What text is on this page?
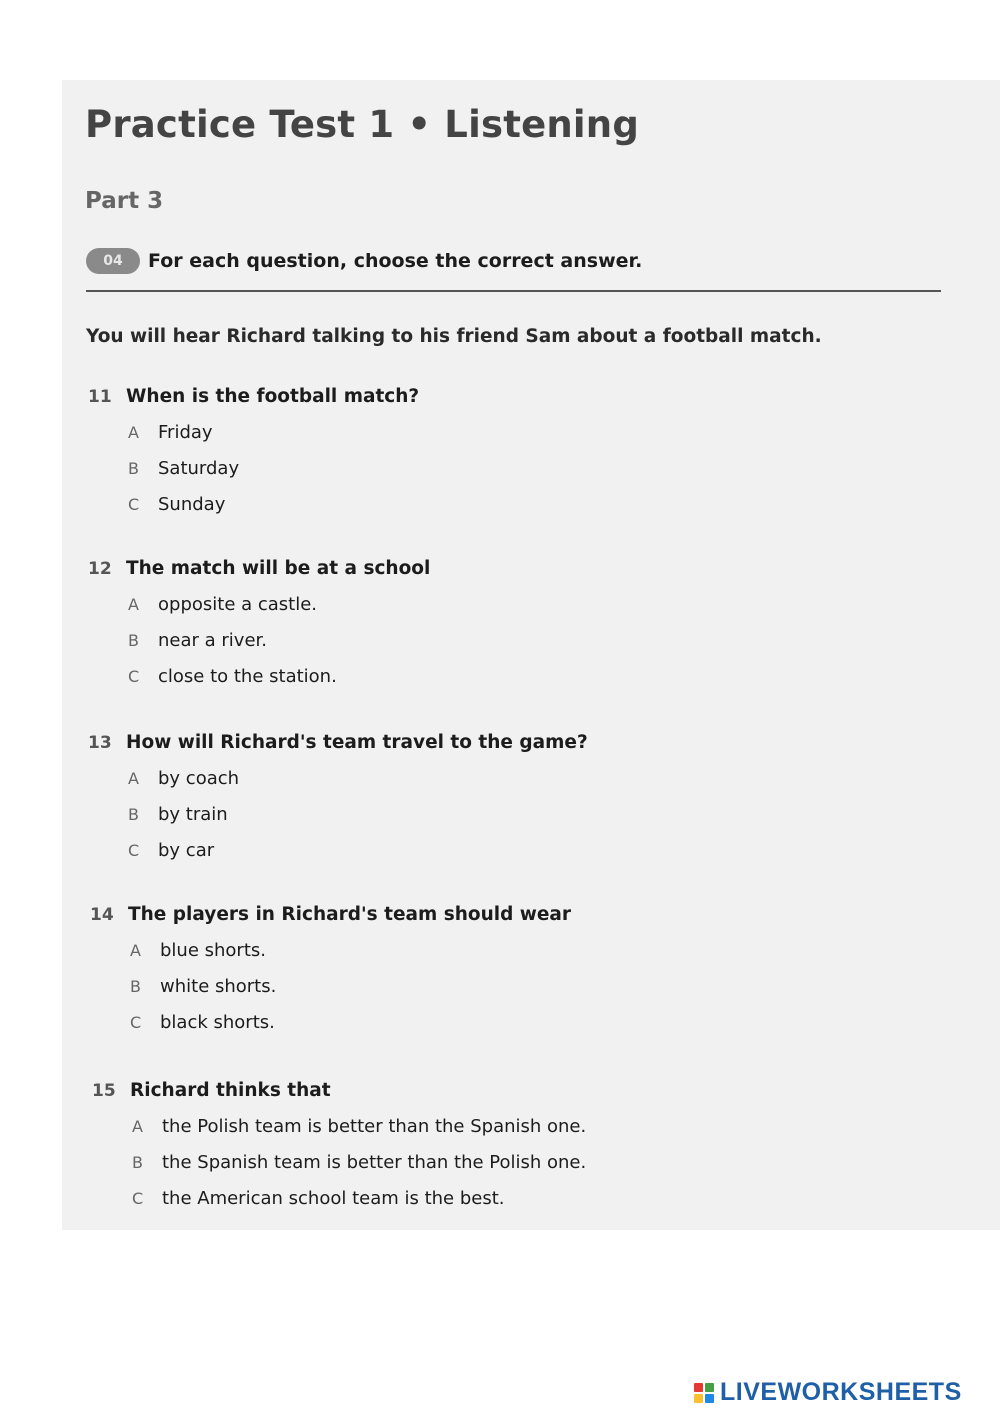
Practice Test 1 • Listening
Part 3
04	For each question, choose the correct answer.
You will hear Richard talking to his friend Sam about a football match.
11 When is the football match?
A	Friday
B	Saturday
C	Sunday
12 The match will be at a school
A	opposite a castle.
B	near a river.
C	close to the station.
13 How will Richard's team travel to the game?
A	by coach
B	by train
C	by car
14 The players in Richard's team should wear
A	blue shorts.
B	white shorts.
C	black shorts.
15 Richard thinks that
A	the Polish team is better than the Spanish one.
B	the Spanish team is better than the Polish one.
C	the American school team is the best.
LIVEWORKSHEETS
